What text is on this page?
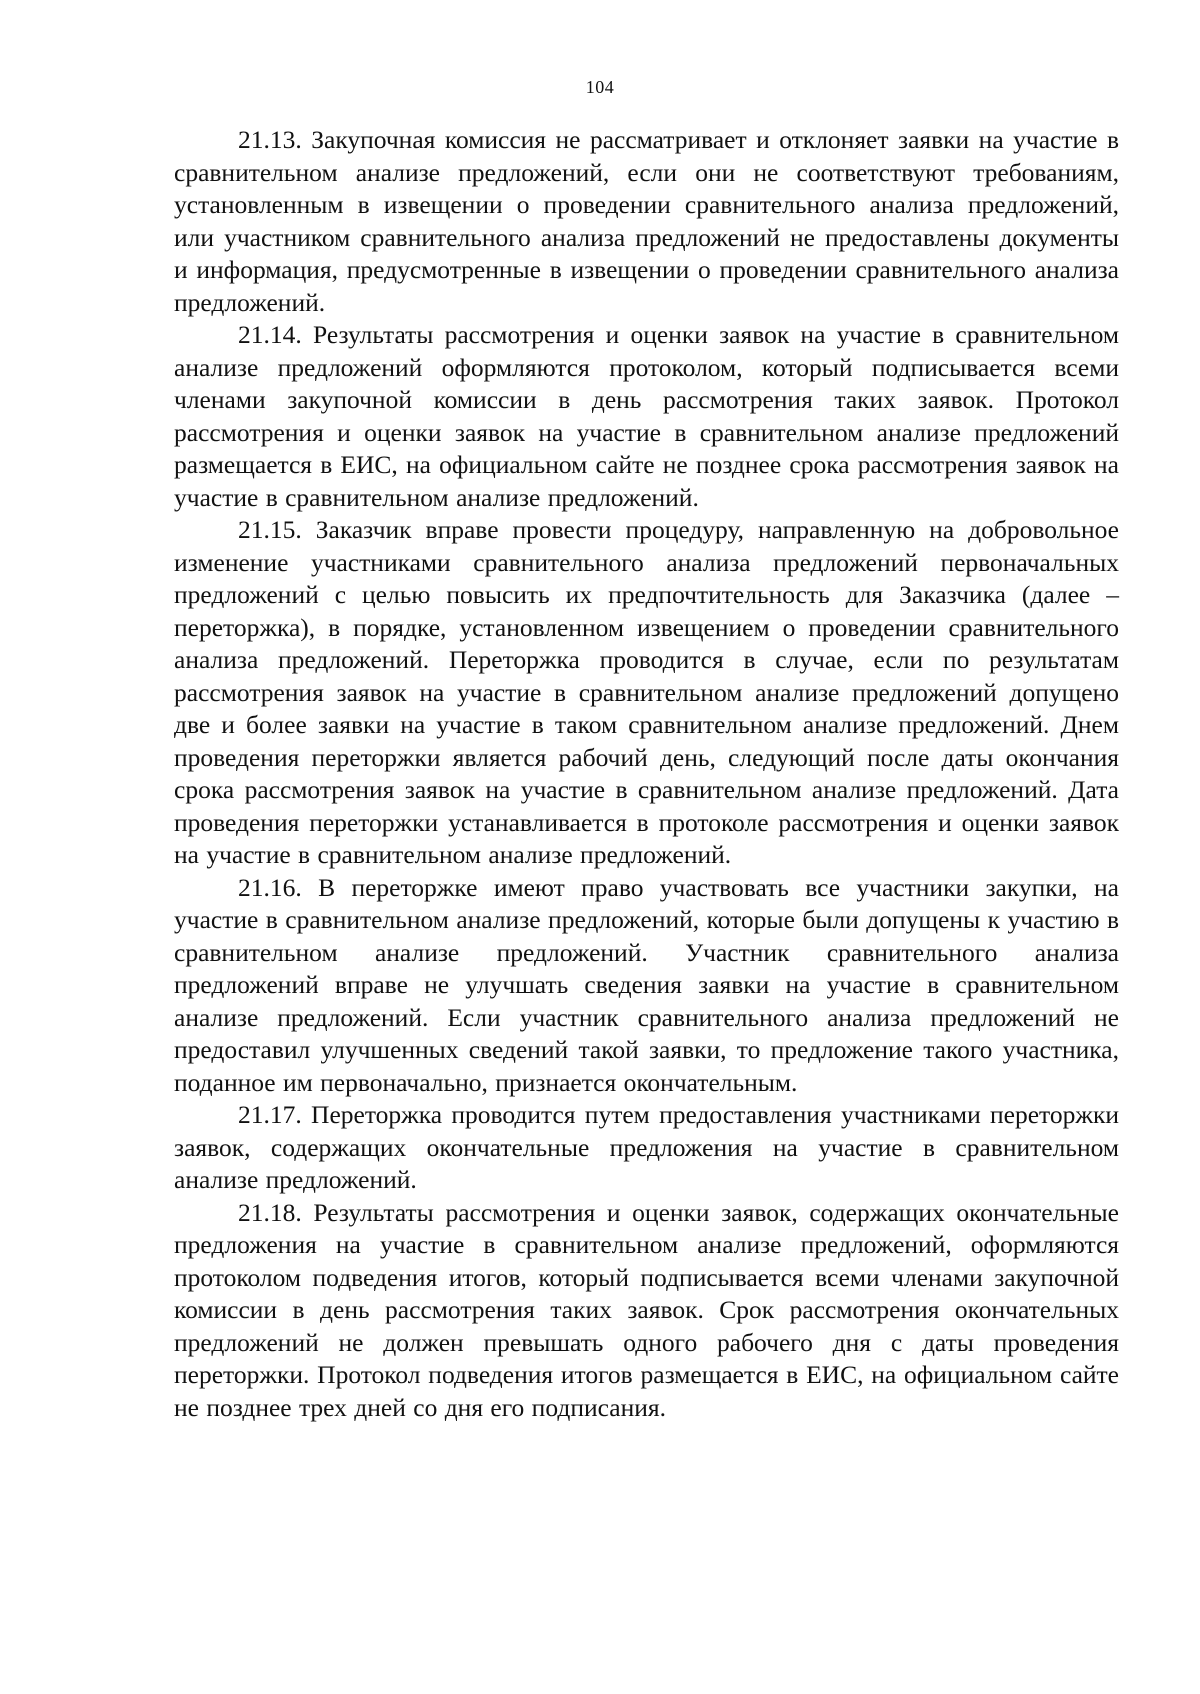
104

21.13. Закупочная комиссия не рассматривает и отклоняет заявки на участие в сравнительном анализе предложений, если они не соответствуют требованиям, установленным в извещении о проведении сравнительного анализа предложений, или участником сравнительного анализа предложений не предоставлены документы и информация, предусмотренные в извещении о проведении сравнительного анализа предложений.

21.14. Результаты рассмотрения и оценки заявок на участие в сравнительном анализе предложений оформляются протоколом, который подписывается всеми членами закупочной комиссии в день рассмотрения таких заявок. Протокол рассмотрения и оценки заявок на участие в сравнительном анализе предложений размещается в ЕИС, на официальном сайте не позднее срока рассмотрения заявок на участие в сравнительном анализе предложений.

21.15. Заказчик вправе провести процедуру, направленную на добровольное изменение участниками сравнительного анализа предложений первоначальных предложений с целью повысить их предпочтительность для Заказчика (далее – переторжка), в порядке, установленном извещением о проведении сравнительного анализа предложений. Переторжка проводится в случае, если по результатам рассмотрения заявок на участие в сравнительном анализе предложений допущено две и более заявки на участие в таком сравнительном анализе предложений. Днем проведения переторжки является рабочий день, следующий после даты окончания срока рассмотрения заявок на участие в сравнительном анализе предложений. Дата проведения переторжки устанавливается в протоколе рассмотрения и оценки заявок на участие в сравнительном анализе предложений.

21.16. В переторжке имеют право участвовать все участники закупки, на участие в сравнительном анализе предложений, которые были допущены к участию в сравнительном анализе предложений. Участник сравнительного анализа предложений вправе не улучшать сведения заявки на участие в сравнительном анализе предложений. Если участник сравнительного анализа предложений не предоставил улучшенных сведений такой заявки, то предложение такого участника, поданное им первоначально, признается окончательным.

21.17. Переторжка проводится путем предоставления участниками переторжки заявок, содержащих окончательные предложения на участие в сравнительном анализе предложений.

21.18. Результаты рассмотрения и оценки заявок, содержащих окончательные предложения на участие в сравнительном анализе предложений, оформляются протоколом подведения итогов, который подписывается всеми членами закупочной комиссии в день рассмотрения таких заявок. Срок рассмотрения окончательных предложений не должен превышать одного рабочего дня с даты проведения переторжки. Протокол подведения итогов размещается в ЕИС, на официальном сайте не позднее трех дней со дня его подписания.
